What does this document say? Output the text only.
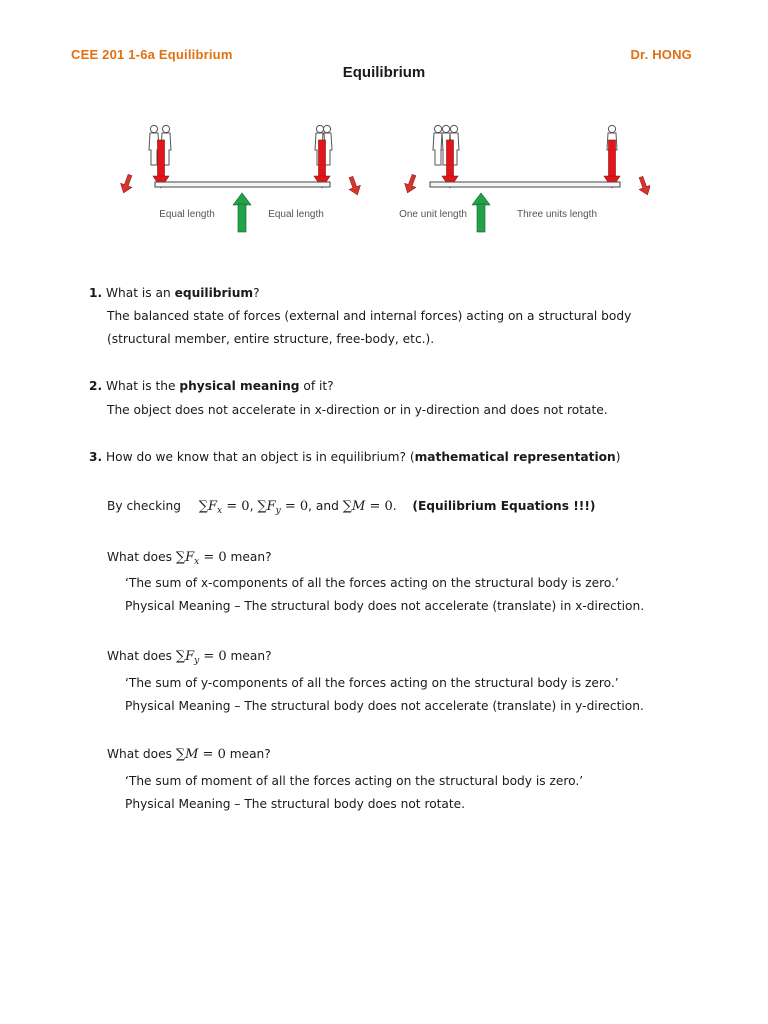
CEE 201 1-6a Equilibrium	Dr. HONG
Equilibrium
Equal length	Equal length	One unit length	Three units length
1. What is an equilibrium?
The balanced state of forces (external and internal forces) acting on a structural body
(structural member, entire structure, free-body, etc.).
2. What is the physical meaning of it?
The object does not accelerate in x-direction or in y-direction and does not rotate.
3. How do we know that an object is in equilibrium? (mathematical representation)
By checking $\sum F_x = 0$, $\sum F_y = 0$, and ∑M = 0. (Equilibrium Equations !!!)
What does $\sum F_x = 0$ mean?
‘The sum of x-components of all the forces acting on the structural body is zero.’
Physical Meaning – The structural body does not accelerate (translate) in x-direction.
What does $\sum F_y = 0$ mean?
‘The sum of y-components of all the forces acting on the structural body is zero.’
Physical Meaning – The structural body does not accelerate (translate) in y-direction.
What does ∑M = 0 mean?
‘The sum of moment of all the forces acting on the structural body is zero.’
Physical Meaning – The structural body does not rotate.
